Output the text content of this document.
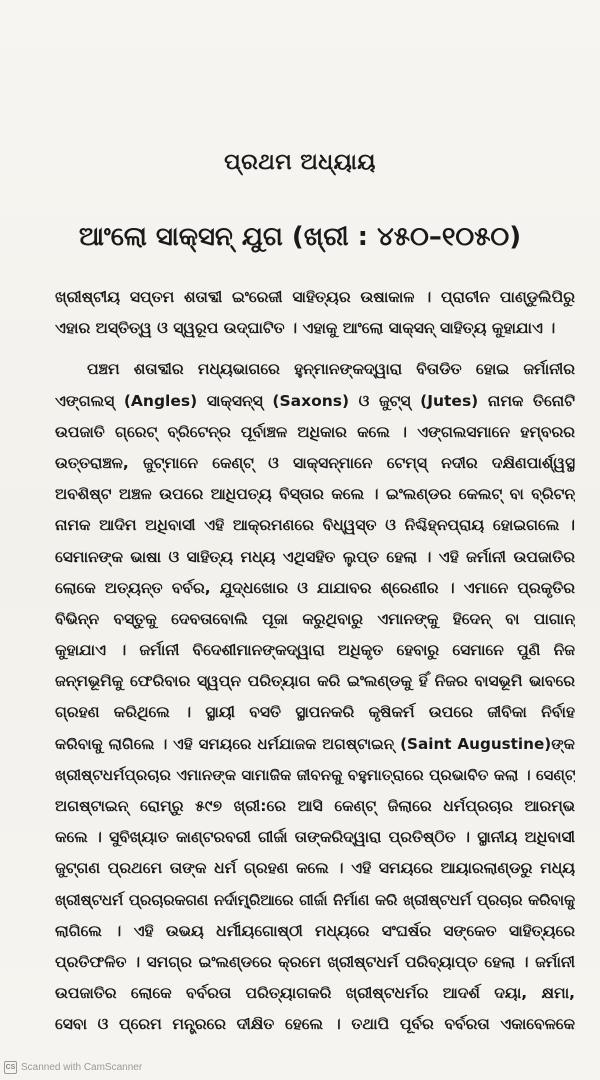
ପ୍ରଥମ ଅଧ୍ୟାୟ
ଆଂଲୋ ସାକ୍ସନ୍ ଯୁଗ (ଖ୍ରୀ : ୪୫୦–୧୦୫୦)
ଖ୍ରୀଷ୍ଟୀୟ ସପ୍ତମ ଶତାବ୍ଦୀ ଇଂରେଜୀ ସାହିତ୍ୟର ଉଷାକାଳ । ପ୍ରାଚୀନ ପାଣ୍ଡୁଲିପିରୁ
ଏହାର ଅସ୍ତିତ୍ୱ ଓ ସ୍ୱରୂପ ଉଦ୍‌ଘାଟିତ । ଏହାକୁ ଆଂଲୋ ସାକ୍ସନ୍ ସାହିତ୍ୟ କୁହାଯାଏ ।
ପଞ୍ଚମ ଶତାବ୍ଦୀର ମଧ୍ୟଭାଗରେ ହୁନ୍‌ମାନଙ୍କଦ୍ୱାରା ବିତାଡିତ ହୋଇ ଜର୍ମାନୀର
ଏଙ୍ଗଲସ୍ (Angles) ସାକ୍ସନ୍‌ସ୍ (Saxons) ଓ ଜୁଟ୍‌ସ୍ (Jutes) ନାମକ ତିନୋଟି
ଉପଜାତି ଗ୍ରେଟ୍ ବ୍ରିଟେନ୍‌ର ପୂର୍ବାଞ୍ଚଳ ଅଧିକାର କଲେ । ଏଙ୍ଗଲସମାନେ ହମ୍ବରର
ଉତ୍ତରାଞ୍ଚଳ, ଜୁଟ୍‌ମାନେ କେଣ୍ଟ୍ ଓ ସାକ୍ସନ୍‌ମାନେ ଟେମ୍‌ସ୍ ନଦୀର ଦକ୍ଷିଣପାର୍ଶ୍ୱସ୍ଥ
ଅବଶିଷ୍ଟ ଅଞ୍ଚଳ ଉପରେ ଆଧିପତ୍ୟ ବିସ୍ତାର କଲେ । ଇଂଲଣ୍ଡର କେଲଟ୍ ବା ବ୍ରିଟନ୍
ନାମକ ଆଦିମ ଅଧିବାସୀ ଏହି ଆକ୍ରମଣରେ ବିଧ୍ୱସ୍ତ ଓ ନିଶ୍ଚିହ୍ନପ୍ରାୟ ହୋଇଗଲେ ।
ସେମାନଙ୍କ ଭାଷା ଓ ସାହିତ୍ୟ ମଧ୍ୟ ଏଥିସହିତ ଲୁପ୍ତ ହେଲା । ଏହି ଜର୍ମାନୀ ଉପଜାତିର
ଲୋକେ ଅତ୍ୟନ୍ତ ବର୍ବର, ଯୁଦ୍ଧଖୋର ଓ ଯାଯାବର ଶ୍ରେଣୀର । ଏମାନେ ପ୍ରକୃତିର
ବିଭିନ୍ନ ବସ୍ତୁକୁ ଦେବତାବୋଲି ପୂଜା କରୁଥିବାରୁ ଏମାନଙ୍କୁ ହିଦେନ୍ ବା ପାଗାନ୍
କୁହାଯାଏ । ଜର୍ମାନୀ ବିଦେଶୀମାନଙ୍କଦ୍ୱାରା ଅଧିକୃତ ହେବାରୁ ସେମାନେ ପୁଣି ନିଜ
ଜନ୍ମଭୂମିକୁ ଫେରିବାର ସ୍ୱପ୍ନ ପରିତ୍ୟାଗ କରି ଇଂଲଣ୍ଡକୁ ହିଁ ନିଜର ବାସଭୂମି ଭାବରେ
ଗ୍ରହଣ କରିଥିଲେ । ସ୍ଥାୟୀ ବସତି ସ୍ଥାପନକରି କୃଷିକର୍ମ ଉପରେ ଜୀବିକା ନିର୍ବାହ
କରିବାକୁ ଲାଗିଲେ । ଏହି ସମୟରେ ଧର୍ମଯାଜକ ଅଗଷ୍ଟାଇନ୍ (Saint Augustine)ଙ୍କ
ଖ୍ରୀଷ୍ଟଧର୍ମପ୍ରଚାର ଏମାନଙ୍କ ସାମାଜିକ ଜୀବନକୁ ବହୁମାତ୍ରାରେ ପ୍ରଭାବିତ କଲା । ସେଣ୍ଟ୍
ଅଗଷ୍ଟାଇନ୍ ରୋମ୍‌ରୁ ୫୯୭ ଖ୍ରୀ:ରେ ଆସି କେଣ୍ଟ୍ ଜିଲାରେ ଧର୍ମପ୍ରଚାର ଆରମ୍ଭ
କଲେ । ସୁବିଖ୍ୟାତ କାଣ୍ଟରବରୀ ଗୀର୍ଜା ତାଙ୍କରିଦ୍ୱାରା ପ୍ରତିଷ୍ଠିତ । ସ୍ଥାନୀୟ ଅଧିବାସୀ
ଜୁଟ୍‌ଗଣ ପ୍ରଥମେ ତାଙ୍କ ଧର୍ମ ଗ୍ରହଣ କଲେ । ଏହି ସମୟରେ ଆୟାରଲାଣ୍ଡରୁ ମଧ୍ୟ
ଖ୍ରୀଷ୍ଟଧର୍ମ ପ୍ରଚାରକଗଣ ନର୍ଦାମ୍ବ୍ରିଆରେ ଗୀର୍ଜା ନିର୍ମାଣ କରି ଖ୍ରୀଷ୍ଟଧର୍ମ ପ୍ରଚାର କରିବାକୁ
ଲାଗିଲେ । ଏହି ଉଭୟ ଧର୍ମୀୟଗୋଷ୍ଠୀ ମଧ୍ୟରେ ସଂଘର୍ଷର ସଙ୍କେତ ସାହିତ୍ୟରେ
ପ୍ରତିଫଳିତ । ସମଗ୍ର ଇଂଲଣ୍ଡରେ କ୍ରମେ ଖ୍ରୀଷ୍ଟଧର୍ମ ପରିବ୍ୟାପ୍ତ ହେଲା । ଜର୍ମାନୀ
ଉପଜାତିର ଲୋକେ ବର୍ବରତା ପରିତ୍ୟାଗକରି ଖ୍ରୀଷ୍ଟଧର୍ମର ଆଦର୍ଶ ଦୟା, କ୍ଷମା,
ସେବା ଓ ପ୍ରେମ ମନ୍ତ୍ରରେ ଦୀକ୍ଷିତ ହେଲେ । ତଥାପି ପୂର୍ବର ବର୍ବରତା ଏକାବେଳକେ
CS Scanned with CamScanner
